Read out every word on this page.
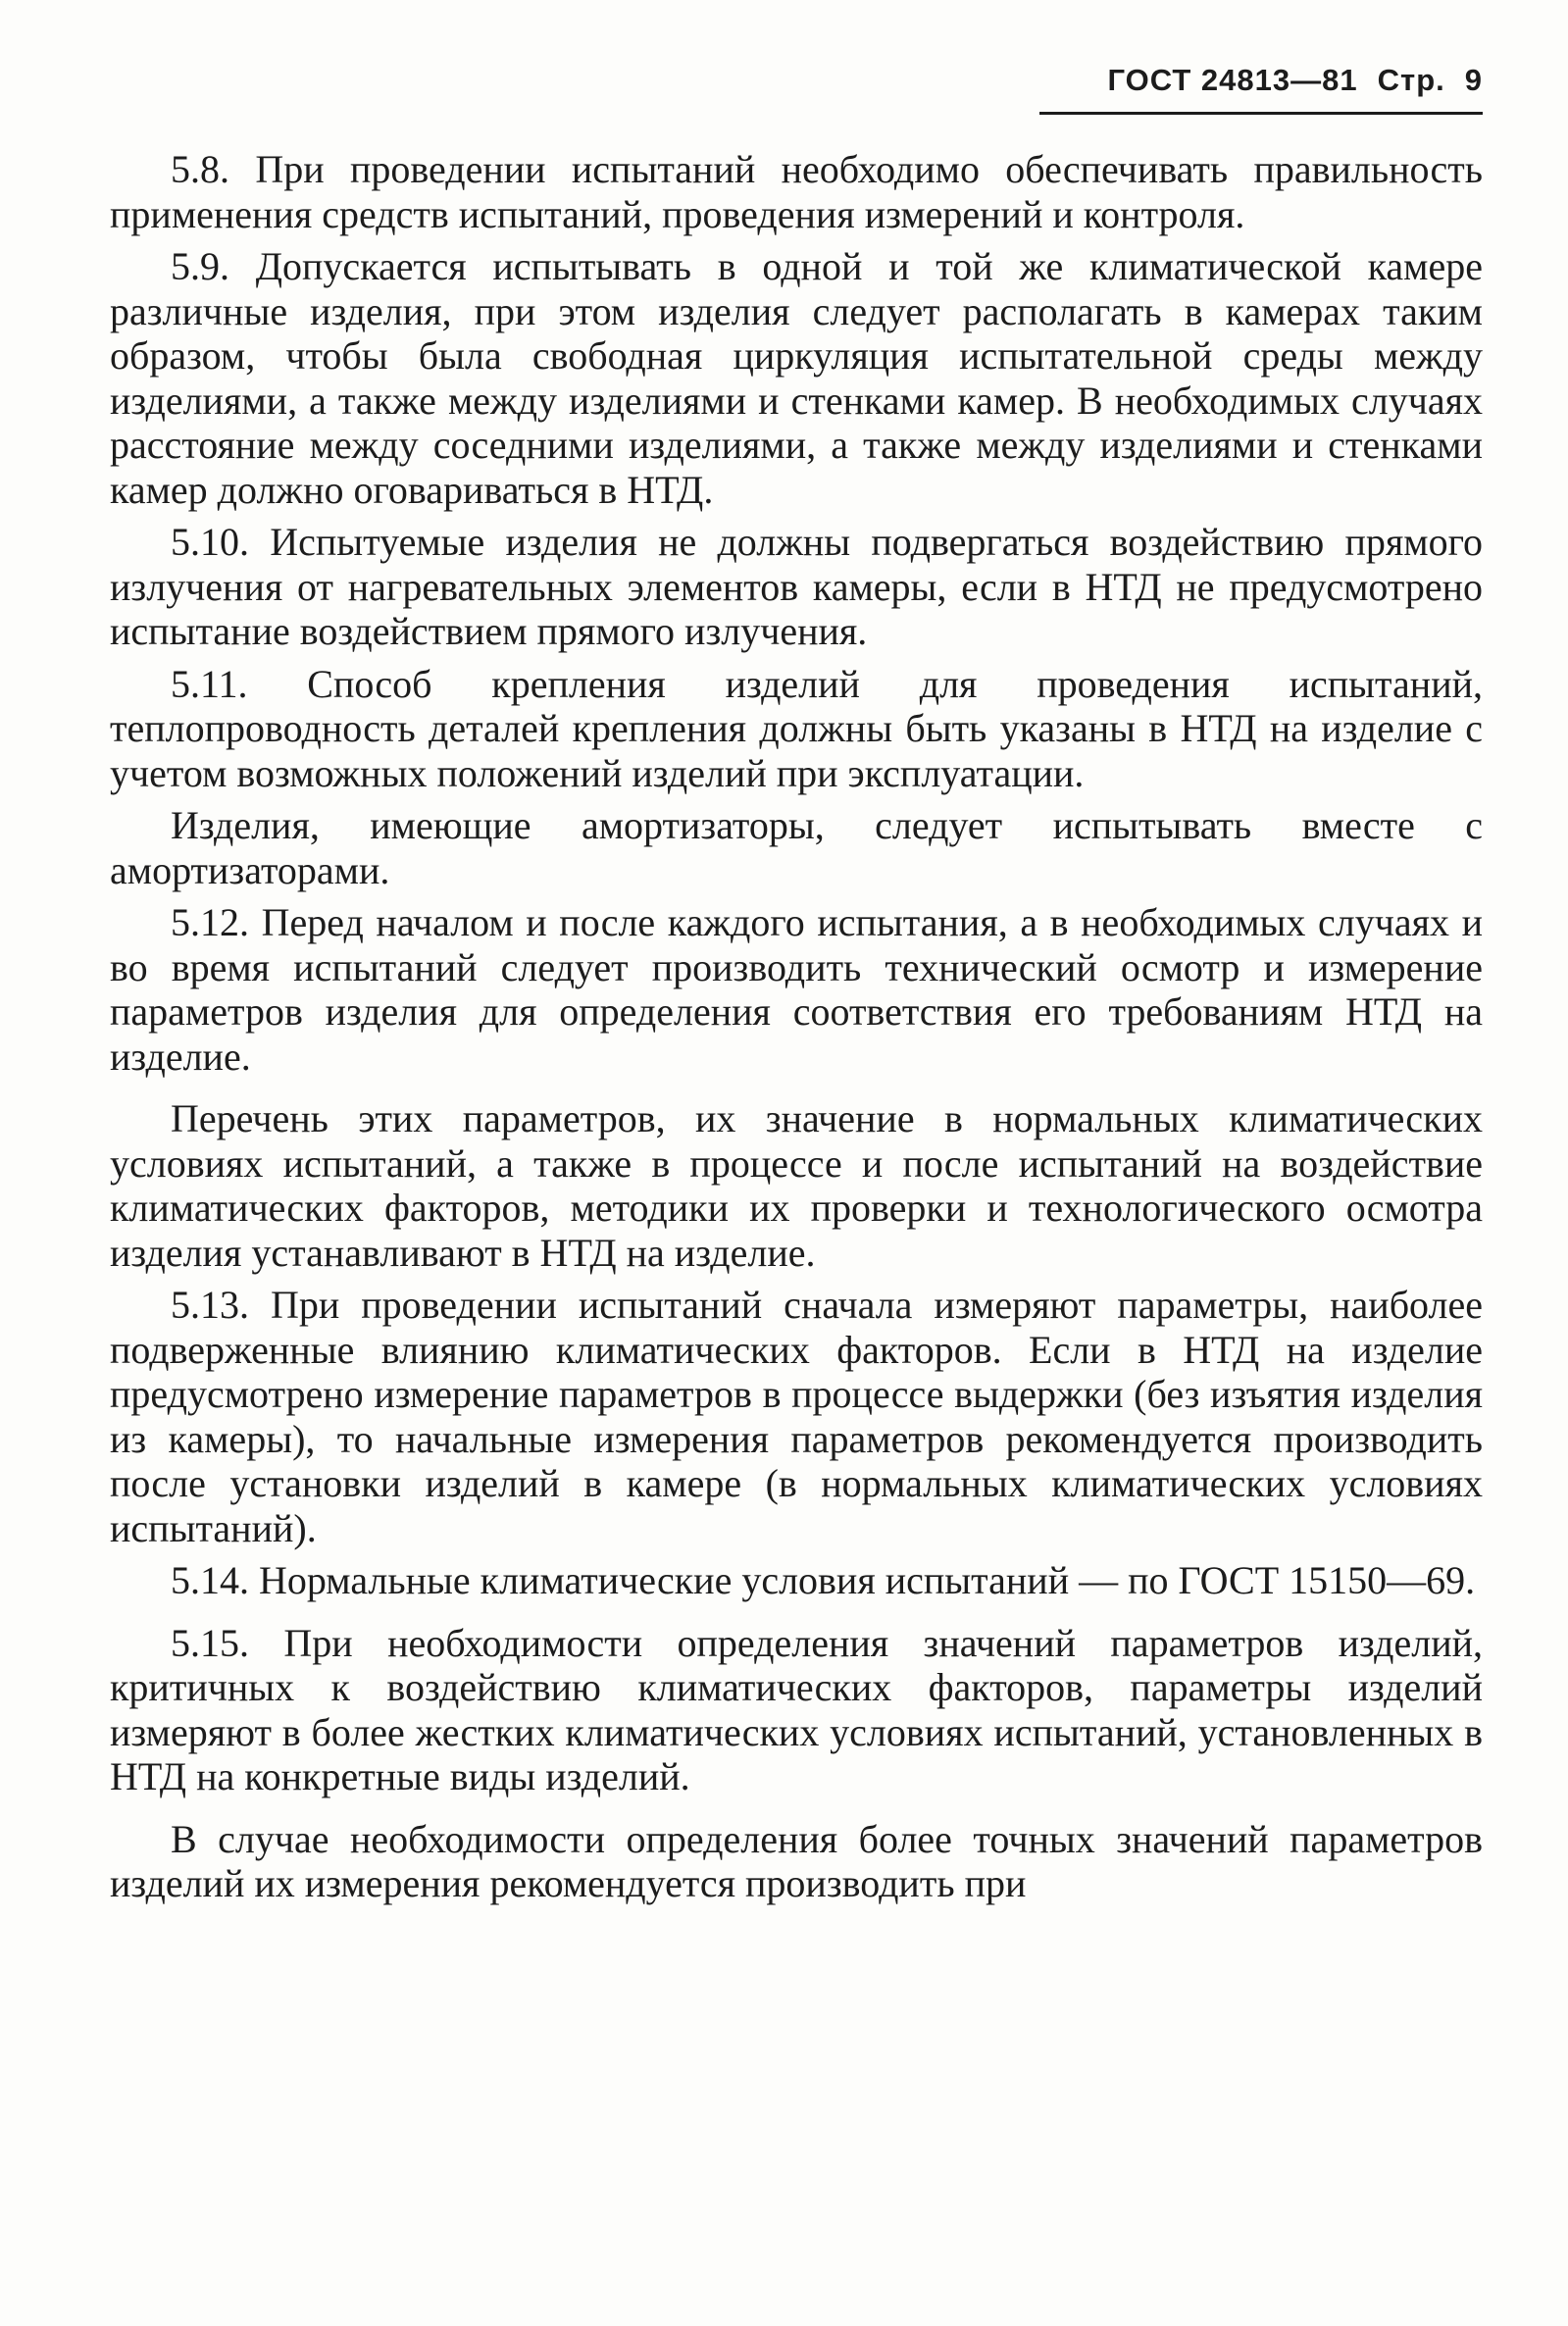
ГОСТ 24813—81 Стр. 9

5.8. При проведении испытаний необходимо обеспечивать правильность применения средств испытаний, проведения измерений и контроля.

5.9. Допускается испытывать в одной и той же климатической камере различные изделия, при этом изделия следует располагать в камерах таким образом, чтобы была свободная циркуляция испытательной среды между изделиями, а также между изделиями и стенками камер. В необходимых случаях расстояние между соседними изделиями, а также между изделиями и стенками камер должно оговариваться в НТД.

5.10. Испытуемые изделия не должны подвергаться воздействию прямого излучения от нагревательных элементов камеры, если в НТД не предусмотрено испытание воздействием прямого излучения.

5.11. Способ крепления изделий для проведения испытаний, теплопроводность деталей крепления должны быть указаны в НТД на изделие с учетом возможных положений изделий при эксплуатации.

Изделия, имеющие амортизаторы, следует испытывать вместе с амортизаторами.

5.12. Перед началом и после каждого испытания, а в необходимых случаях и во время испытаний следует производить технический осмотр и измерение параметров изделия для определения соответствия его требованиям НТД на изделие.

Перечень этих параметров, их значение в нормальных климатических условиях испытаний, а также в процессе и после испытаний на воздействие климатических факторов, методики их проверки и технологического осмотра изделия устанавливают в НТД на изделие.

5.13. При проведении испытаний сначала измеряют параметры, наиболее подверженные влиянию климатических факторов. Если в НТД на изделие предусмотрено измерение параметров в процессе выдержки (без изъятия изделия из камеры), то начальные измерения параметров рекомендуется производить после установки изделий в камере (в нормальных климатических условиях испытаний).

5.14. Нормальные климатические условия испытаний — по ГОСТ 15150—69.

5.15. При необходимости определения значений параметров изделий, критичных к воздействию климатических факторов, параметры изделий измеряют в более жестких климатических условиях испытаний, установленных в НТД на конкретные виды изделий.

В случае необходимости определения более точных значений параметров изделий их измерения рекомендуется производить при
